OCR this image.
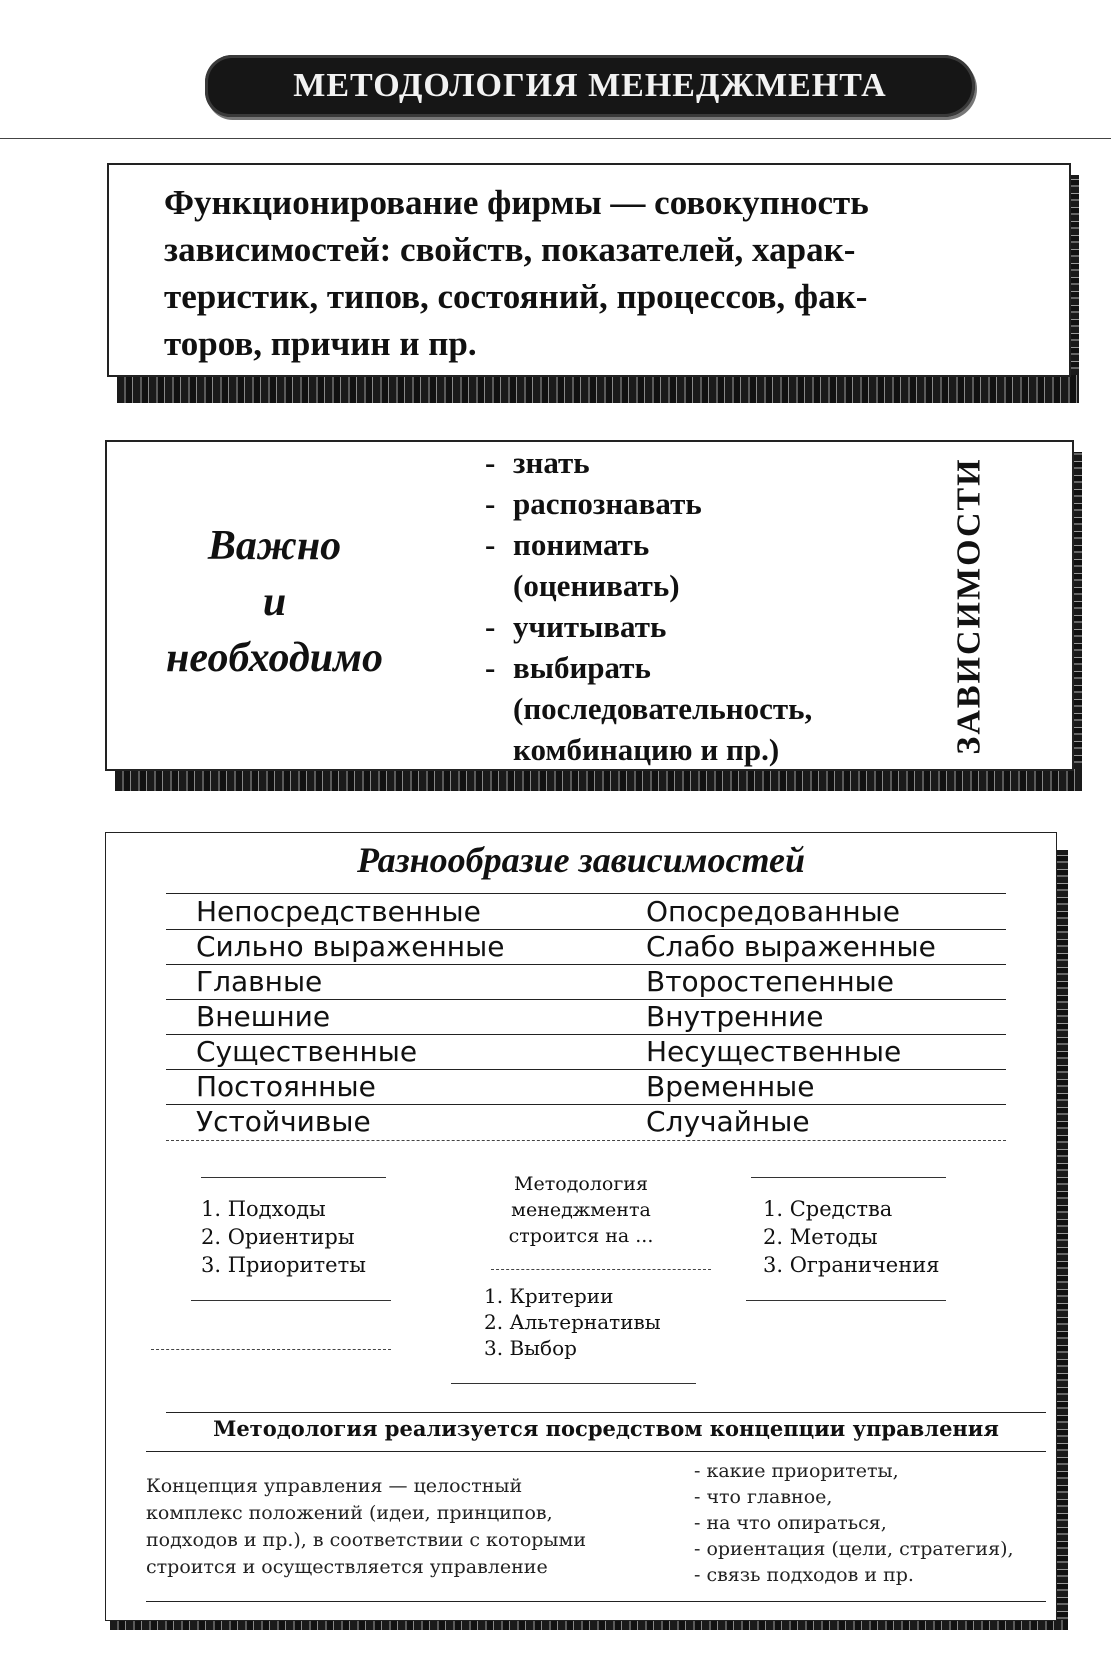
МЕТОДОЛОГИЯ МЕНЕДЖМЕНТА
Функционирование фирмы — совокупность
зависимостей: свойств, показателей, харак-
теристик, типов, состояний, процессов, фак-
торов, причин и пр.
Важно
и
необходимо
- знать
- распознавать
- понимать
(оценивать)
- учитывать
- выбирать
(последовательность,
комбинацию и пр.)	ЗАВИСИМОСТИ
Разнообразие зависимостей
Непосредственные	Опосредованные
Сильно выраженные	Слабо выраженные
Главные	Второстепенные
Внешние	Внутренние
Существенные	Несущественные
Постоянные	Временные
Устойчивые	Случайные
1. Подходы
2. Ориентиры
3. Приоритеты
Методология
менеджмента
строится на ...
1. Средства
2. Методы
3. Ограничения
1. Критерии
2. Альтернативы
3. Выбор
Методология реализуется посредством концепции управления
Концепция управления — целостный
комплекс положений (идеи, принципов,
подходов и пр.), в соответствии с которыми
строится и осуществляется управление
- какие приоритеты,
- что главное,
- на что опираться,
- ориентация (цели, стратегия),
- связь подходов и пр.
